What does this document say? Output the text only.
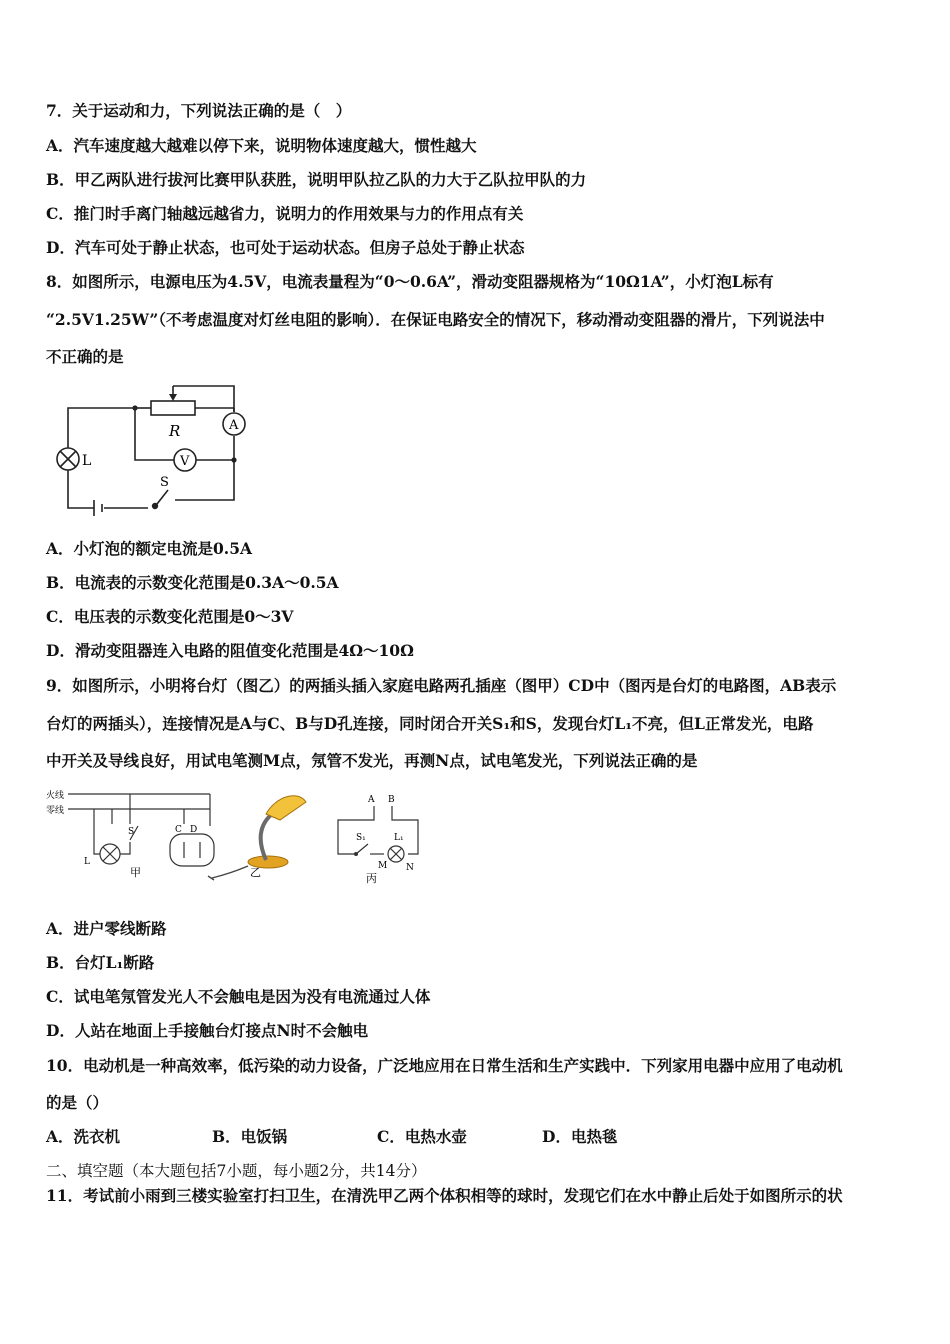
7．关于运动和力，下列说法正确的是（　）
A．汽车速度越大越难以停下来，说明物体速度越大，惯性越大
B．甲乙两队进行拔河比赛甲队获胜，说明甲队拉乙队的力大于乙队拉甲队的力
C．推门时手离门轴越远越省力，说明力的作用效果与力的作用点有关
D．汽车可处于静止状态，也可处于运动状态。但房子总处于静止状态
8．如图所示，电源电压为4.5V，电流表量程为“0～0.6A”，滑动变阻器规格为“10Ω1A”，小灯泡L标有
“2.5V1.25W”（不考虑温度对灯丝电阻的影响）．在保证电路安全的情况下，移动滑动变阻器的滑片，下列说法中
不正确的是
R	A
V
L
S
A．小灯泡的额定电流是0.5A
B．电流表的示数变化范围是0.3A～0.5A
C．电压表的示数变化范围是0～3V
D．滑动变阻器连入电路的阻值变化范围是4Ω～10Ω
9．如图所示，小明将台灯（图乙）的两插头插入家庭电路两孔插座（图甲）CD中（图丙是台灯的电路图，AB表示
台灯的两插头），连接情况是A与C、B与D孔连接，同时闭合开关S₁和S，发现台灯L₁不亮，但L正常发光，电路
中开关及导线良好，用试电笔测M点，氖管不发光，再测N点，试电笔发光，下列说法正确的是
火线
零线
L
S	C D
甲	乙
A B
S₁	L₁
M N
丙
A．进户零线断路
B．台灯L₁断路
C．试电笔氖管发光人不会触电是因为没有电流通过人体
D．人站在地面上手接触台灯接点N时不会触电
10．电动机是一种高效率，低污染的动力设备，广泛地应用在日常生活和生产实践中．下列家用电器中应用了电动机
的是（）
A．洗衣机	B．电饭锅	C．电热水壶	D．电热毯
二、填空题（本大题包括7小题，每小题2分，共14分）
11．考试前小雨到三楼实验室打扫卫生，在清洗甲乙两个体积相等的球时，发现它们在水中静止后处于如图所示的状
